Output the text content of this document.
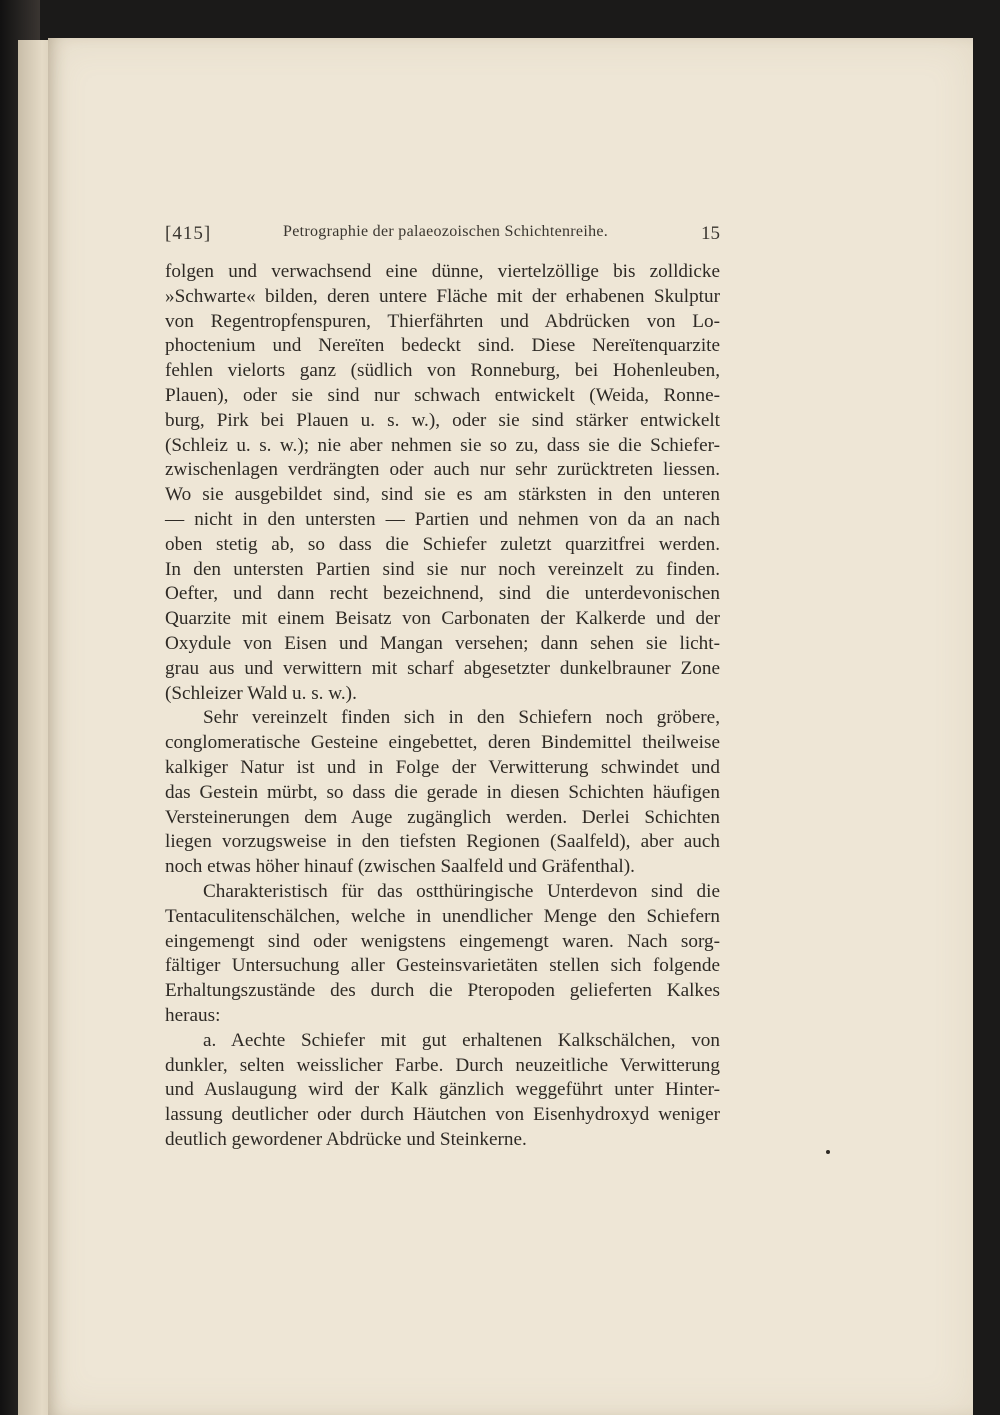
[415]	Petrographie der palaeozoischen Schichtenreihe.	15
folgen und verwachsend eine dünne, viertelzöllige bis zolldicke
»Schwarte« bilden, deren untere Fläche mit der erhabenen Skulptur
von Regentropfenspuren, Thierfährten und Abdrücken von Lo-
phoctenium und Nereïten bedeckt sind. Diese Nereïtenquarzite
fehlen vielorts ganz (südlich von Ronneburg, bei Hohenleuben,
Plauen), oder sie sind nur schwach entwickelt (Weida, Ronne-
burg, Pirk bei Plauen u. s. w.), oder sie sind stärker entwickelt
(Schleiz u. s. w.); nie aber nehmen sie so zu, dass sie die Schiefer-
zwischenlagen verdrängten oder auch nur sehr zurücktreten liessen.
Wo sie ausgebildet sind, sind sie es am stärksten in den unteren
— nicht in den untersten — Partien und nehmen von da an nach
oben stetig ab, so dass die Schiefer zuletzt quarzitfrei werden.
In den untersten Partien sind sie nur noch vereinzelt zu finden.
Oefter, und dann recht bezeichnend, sind die unterdevonischen
Quarzite mit einem Beisatz von Carbonaten der Kalkerde und der
Oxydule von Eisen und Mangan versehen; dann sehen sie licht-
grau aus und verwittern mit scharf abgesetzter dunkelbrauner Zone
(Schleizer Wald u. s. w.).
Sehr vereinzelt finden sich in den Schiefern noch gröbere,
conglomeratische Gesteine eingebettet, deren Bindemittel theilweise
kalkiger Natur ist und in Folge der Verwitterung schwindet und
das Gestein mürbt, so dass die gerade in diesen Schichten häufigen
Versteinerungen dem Auge zugänglich werden. Derlei Schichten
liegen vorzugsweise in den tiefsten Regionen (Saalfeld), aber auch
noch etwas höher hinauf (zwischen Saalfeld und Gräfenthal).
Charakteristisch für das ostthüringische Unterdevon sind die
Tentaculitenschälchen, welche in unendlicher Menge den Schiefern
eingemengt sind oder wenigstens eingemengt waren. Nach sorg-
fältiger Untersuchung aller Gesteinsvarietäten stellen sich folgende
Erhaltungszustände des durch die Pteropoden gelieferten Kalkes
heraus:
a. Aechte Schiefer mit gut erhaltenen Kalkschälchen, von
dunkler, selten weisslicher Farbe. Durch neuzeitliche Verwitterung
und Auslaugung wird der Kalk gänzlich weggeführt unter Hinter-
lassung deutlicher oder durch Häutchen von Eisenhydroxyd weniger
deutlich gewordener Abdrücke und Steinkerne.
